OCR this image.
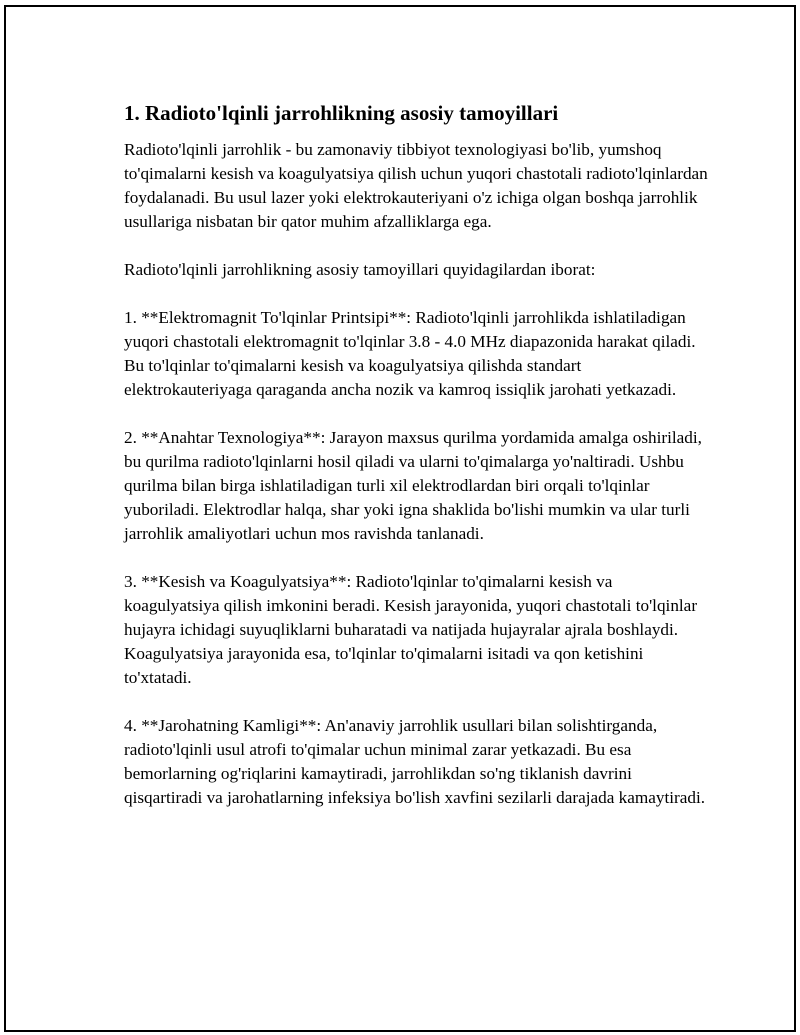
1. Radioto'lqinli jarrohlikning asosiy tamoyillari

Radioto'lqinli jarrohlik - bu zamonaviy tibbiyot texnologiyasi bo'lib, yumshoq to'qimalarni kesish va koagulyatsiya qilish uchun yuqori chastotali radioto'lqinlardan foydalanadi. Bu usul lazer yoki elektrokauteriyani o'z ichiga olgan boshqa jarrohlik usullariga nisbatan bir qator muhim afzalliklarga ega.

Radioto'lqinli jarrohlikning asosiy tamoyillari quyidagilardan iborat:

1. **Elektromagnit To'lqinlar Printsipi**: Radioto'lqinli jarrohlikda ishlatiladigan yuqori chastotali elektromagnit to'lqinlar 3.8 - 4.0 MHz diapazonida harakat qiladi. Bu to'lqinlar to'qimalarni kesish va koagulyatsiya qilishda standart elektrokauteriyaga qaraganda ancha nozik va kamroq issiqlik jarohati yetkazadi.

2. **Anahtar Texnologiya**: Jarayon maxsus qurilma yordamida amalga oshiriladi, bu qurilma radioto'lqinlarni hosil qiladi va ularni to'qimalarga yo'naltiradi. Ushbu qurilma bilan birga ishlatiladigan turli xil elektrodlardan biri orqali to'lqinlar yuboriladi. Elektrodlar halqa, shar yoki igna shaklida bo'lishi mumkin va ular turli jarrohlik amaliyotlari uchun mos ravishda tanlanadi.

3. **Kesish va Koagulyatsiya**: Radioto'lqinlar to'qimalarni kesish va koagulyatsiya qilish imkonini beradi. Kesish jarayonida, yuqori chastotali to'lqinlar hujayra ichidagi suyuqliklarni buharatadi va natijada hujayralar ajrala boshlaydi. Koagulyatsiya jarayonida esa, to'lqinlar to'qimalarni isitadi va qon ketishini to'xtatadi.

4. **Jarohatning Kamligi**: An'anaviy jarrohlik usullari bilan solishtirganda, radioto'lqinli usul atrofi to'qimalar uchun minimal zarar yetkazadi. Bu esa bemorlarning og'riqlarini kamaytiradi, jarrohlikdan so'ng tiklanish davrini qisqartiradi va jarohatlarning infeksiya bo'lish xavfini sezilarli darajada kamaytiradi.
